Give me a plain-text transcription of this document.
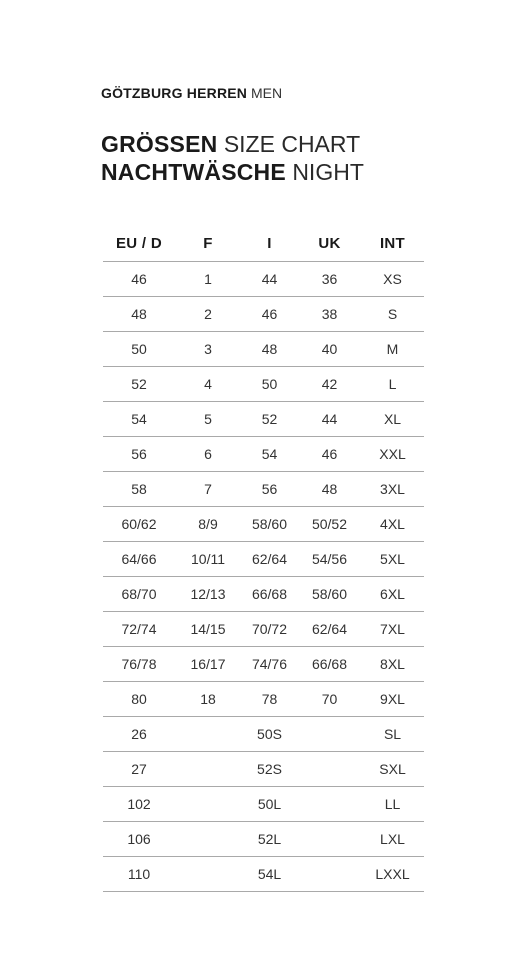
GÖTZBURG HERREN MEN
GRÖSSEN SIZE CHART
NACHTWÄSCHE NIGHT
EU / D	F	I	UK	INT
46	1	44	36	XS
48	2	46	38	S
50	3	48	40	M
52	4	50	42	L
54	5	52	44	XL
56	6	54	46	XXL
58	7	56	48	3XL
60/62	8/9	58/60	50/52	4XL
64/66	10/11	62/64	54/56	5XL
68/70	12/13	66/68	58/60	6XL
72/74	14/15	70/72	62/64	7XL
76/78	16/17	74/76	66/68	8XL
80	18	78	70	9XL
26		50S		SL
27		52S		SXL
102		50L		LL
106		52L		LXL
110		54L		LXXL
